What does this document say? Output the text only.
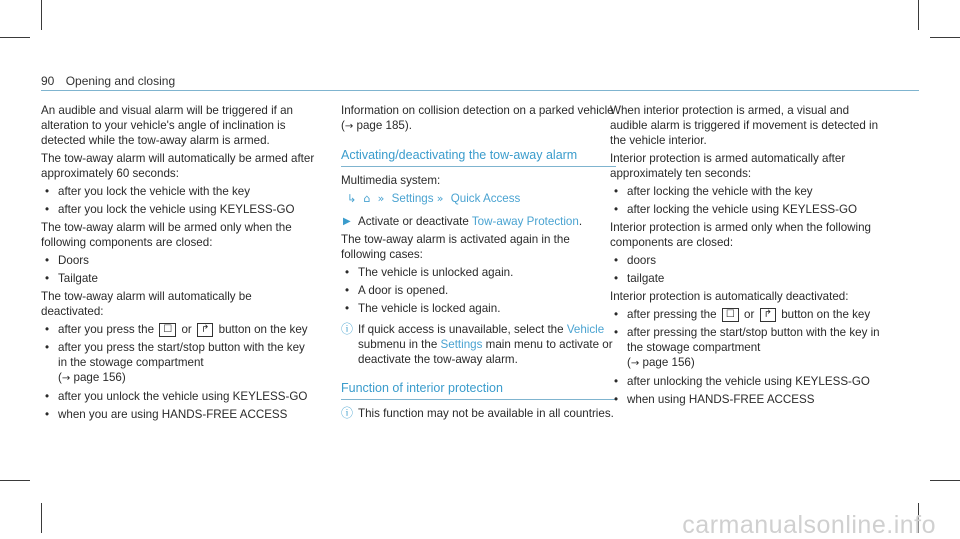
90 Opening and closing

An audible and visual alarm will be triggered if an alteration to your vehicle's angle of inclination is detected while the tow-away alarm is armed.

The tow-away alarm will automatically be armed after approximately 60 seconds:

• after you lock the vehicle with the key
• after you lock the vehicle using KEYLESS-GO

The tow-away alarm will be armed only when the following components are closed:

• Doors
• Tailgate

The tow-away alarm will automatically be deactivated:

• after you press the ☐ or ↱ button on the key
• after you press the start/stop button with the key in the stowage compartment
(→ page 156)
• after you unlock the vehicle using KEYLESS-GO
• when you are using HANDS-FREE ACCESS

Information on collision detection on a parked vehicle (→ page 185).

Activating/deactivating the tow-away alarm

Multimedia system:

↳ ⌂ » Settings » Quick Access
▶ Activate or deactivate Tow-away Protection.

The tow-away alarm is activated again in the following cases:

• The vehicle is unlocked again.
• A door is opened.
• The vehicle is locked again.
ⓘ If quick access is unavailable, select the Vehicle submenu in the Settings main menu to activate or deactivate the tow-away alarm.
Function of interior protection
ⓘ This function may not be available in all countries.

When interior protection is armed, a visual and audible alarm is triggered if movement is detected in the vehicle interior.

Interior protection is armed automatically after approximately ten seconds:

• after locking the vehicle with the key
• after locking the vehicle using KEYLESS-GO

Interior protection is armed only when the following components are closed:

• doors
• tailgate

Interior protection is automatically deactivated:

• after pressing the ☐ or ↱ button on the key
• after pressing the start/stop button with the key in the stowage compartment
(→ page 156)
• after unlocking the vehicle using KEYLESS-GO
• when using HANDS-FREE ACCESS
carmanualsonline.info
